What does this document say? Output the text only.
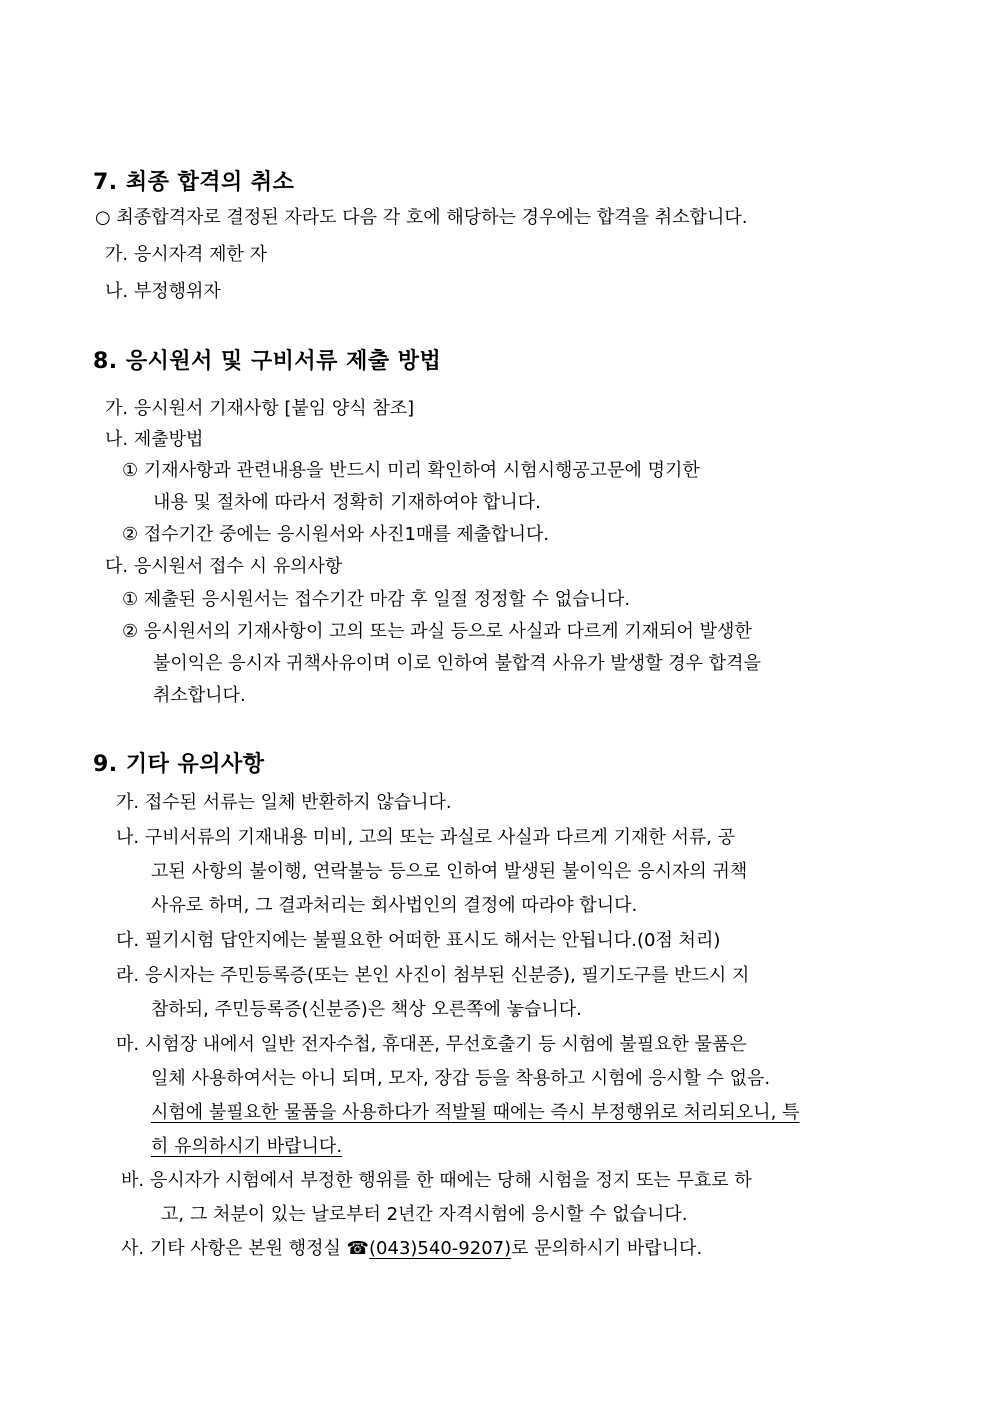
7. 최종 합격의 취소
○ 최종합격자로 결정된 자라도 다음 각 호에 해당하는 경우에는 합격을 취소합니다.
가. 응시자격 제한 자
나. 부정행위자
8. 응시원서 및 구비서류 제출 방법
가. 응시원서 기재사항 [붙임 양식 참조]
나. 제출방법
① 기재사항과 관련내용을 반드시 미리 확인하여 시험시행공고문에 명기한
내용 및 절차에 따라서 정확히 기재하여야 합니다.
② 접수기간 중에는 응시원서와 사진1매를 제출합니다.
다. 응시원서 접수 시 유의사항
① 제출된 응시원서는 접수기간 마감 후 일절 정정할 수 없습니다.
② 응시원서의 기재사항이 고의 또는 과실 등으로 사실과 다르게 기재되어 발생한
불이익은 응시자 귀책사유이며 이로 인하여 불합격 사유가 발생할 경우 합격을
취소합니다.
9. 기타 유의사항
가. 접수된 서류는 일체 반환하지 않습니다.
나. 구비서류의 기재내용 미비, 고의 또는 과실로 사실과 다르게 기재한 서류, 공
고된 사항의 불이행, 연락불능 등으로 인하여 발생된 불이익은 응시자의 귀책
사유로 하며, 그 결과처리는 회사법인의 결정에 따라야 합니다.
다. 필기시험 답안지에는 불필요한 어떠한 표시도 해서는 안됩니다.(0점 처리)
라. 응시자는 주민등록증(또는 본인 사진이 첨부된 신분증), 필기도구를 반드시 지
참하되, 주민등록증(신분증)은 책상 오른쪽에 놓습니다.
마. 시험장 내에서 일반 전자수첩, 휴대폰, 무선호출기 등 시험에 불필요한 물품은
일체 사용하여서는 아니 되며, 모자, 장갑 등을 착용하고 시험에 응시할 수 없음.
시험에 불필요한 물품을 사용하다가 적발될 때에는 즉시 부정행위로 처리되오니, 특
히 유의하시기 바랍니다.
바. 응시자가 시험에서 부정한 행위를 한 때에는 당해 시험을 정지 또는 무효로 하
고, 그 처분이 있는 날로부터 2년간 자격시험에 응시할 수 없습니다.
사. 기타 사항은 본원 행정실 ☎(043)540-9207)로 문의하시기 바랍니다.
